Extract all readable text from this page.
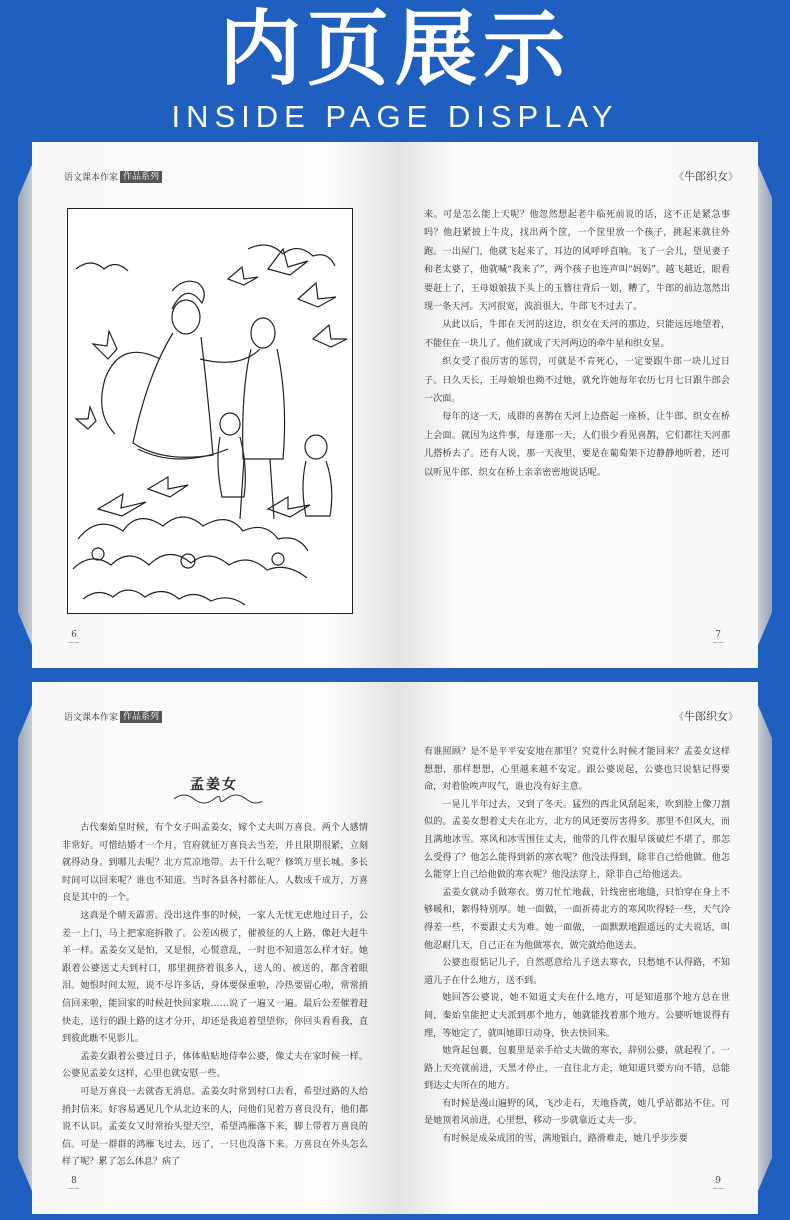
内页展示
INSIDE PAGE DISPLAY
语文课本作家 作品系列
6
⌣⌣
《牛郎织女》

来。可是怎么能上天呢？他忽然想起老牛临死前说的话，这不正是紧急事吗？他赶紧披上牛皮，找出两个筐，一个筐里放一个孩子，挑起来就往外跑。一出屋门，他就飞起来了，耳边的风呼呼直响。飞了一会儿，望见妻子和老太婆了，他就喊“我来了”，两个孩子也连声叫“妈妈”。越飞越近，眼看要赶上了，王母娘娘拔下头上的玉簪往背后一划，糟了，牛郎的前边忽然出现一条天河。天河很宽，波浪很大，牛郎飞不过去了。

从此以后，牛郎在天河的这边，织女在天河的那边，只能远远地望着，不能住在一块儿了。他们就成了天河两边的牵牛星和织女星。

织女受了很厉害的惩罚，可就是不肯死心，一定要跟牛郎一块儿过日子。日久天长，王母娘娘也拗不过她，就允许她每年农历七月七日跟牛郎会一次面。

每年的这一天，成群的喜鹊在天河上边搭起一座桥，让牛郎、织女在桥上会面。就因为这件事，每逢那一天，人们很少看见喜鹊，它们都往天河那儿搭桥去了。还有人说，那一天夜里，要是在葡萄架下边静静地听着，还可以听见牛郎、织女在桥上亲亲密密地说话呢。

7
⌣⌣
语文课本作家 作品系列
孟姜女

古代秦始皇时候，有个女子叫孟姜女，嫁个丈夫叫万喜良。两个人感情非常好。可惜结婚才一个月，官府就征万喜良去当差，并且限期很紧，立刻就得动身。到哪儿去呢？北方荒凉地带。去干什么呢？修筑万里长城。多长时间可以回来呢？谁也不知道。当时各县各村都征人，人数成千成万，万喜良是其中的一个。

这真是个晴天霹雳。没出这件事的时候，一家人无忧无虑地过日子，公差一上门，马上把家庭拆散了。公差凶极了，催被征的人上路，像赶大赶牛羊一样。孟姜女又是怕，又是恨，心慌意乱，一时也不知道怎么样才好。她跟着公婆送丈夫到村口，那里拥挤着很多人，送人的、被送的，都含着眼泪。她恨时间太短，说不尽许多话，身体要保重啦，冷热要留心啦，常常捎信回来啦，能回家的时候赶快回家啦……说了一遍又一遍。最后公差催着赶快走，送行的跟上路的这才分开，却还是我追着望望你，你回头看看我，直到彼此瞧不见影儿。

孟姜女跟着公婆过日子，体体贴贴地侍奉公婆，像丈夫在家时候一样。公婆见孟姜女这样，心里也就安慰一些。

可是万喜良一去就杳无消息。孟姜女时常到村口去看，希望过路的人给捎封信来。好容易遇见几个从北边来的人，问他们见着万喜良没有，他们都说不认识。孟姜女又时常抬头望天空，希望鸿雁落下来，脚上带着万喜良的信。可是一群群的鸿雁飞过去，远了，一只也没落下来。万喜良在外头怎么样了呢？累了怎么休息？病了

8
⌣⌣
《牛郎织女》

有谁照顾？是不是平平安安地在那里？究竟什么时候才能回来？孟姜女这样想想，那样想想，心里越来越不安定。跟公婆说起，公婆也只说惦记得要命，对着脸唉声叹气，谁也没有好主意。

一晃儿半年过去，又到了冬天。猛烈的西北风刮起来，吹到脸上像刀割似的。孟姜女想着丈夫在北方，北方的风还要厉害得多。那里不但风大，而且满地冰雪。寒风和冰雪围住丈夫，他带的几件衣服早该破烂不堪了，那怎么受得了？他怎么能得到新的寒衣呢？他没法得到，除非自己给他做。他怎么能穿上自己给他做的寒衣呢？他没法穿上，除非自己给他送去。

孟姜女就动手做寒衣。剪刀忙忙地裁，针线密密地缝，只怕穿在身上不够暖和，絮得特别厚。她一面做，一面祈祷北方的寒风吹得轻一些，天气冷得差一些，不要跟丈夫为难。她一面做，一面默默地跟遥远的丈夫说话，叫他忍耐几天，自己正在为他做寒衣，做完就给他送去。

公婆也很惦记儿子，自然愿意给儿子送去寒衣，只愁她不认得路，不知道儿子在什么地方，送不到。

她回答公婆说，她不知道丈夫在什么地方，可是知道那个地方总在世间，秦始皇能把丈夫派到那个地方，她就能找着那个地方。公婆听她说得有理，等她定了，就叫她即日动身，快去快回来。

她背起包裹，包裹里是亲手给丈夫做的寒衣，辞别公婆，就起程了。一路上天亮就前进，天黑才停止，一直往北方走，她知道只要方向不错，总能到达丈夫所在的地方。

有时候是漫山遍野的风，飞沙走石，天地昏黄，她几乎站都站不住。可是她顶着风前进，心里想，移动一步就靠近丈夫一步。

有时候是成朵成团的雪，满地银白，路滑难走，她几乎步步要

9
⌣⌣
